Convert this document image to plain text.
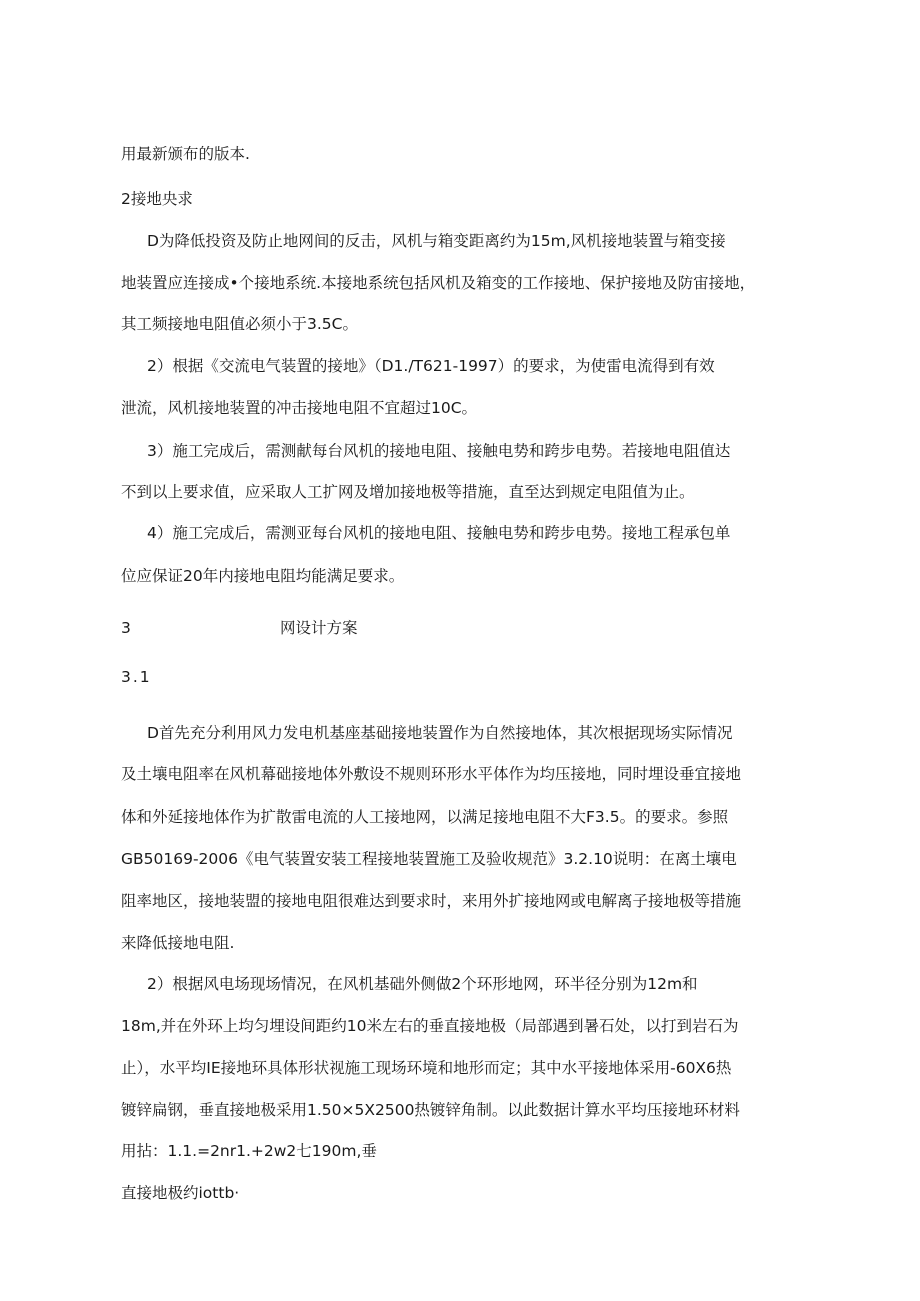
用最新颁布的版本.
2接地央求
D为降低投资及防止地网间的反击，风机与箱变距离约为15m,风机接地装置与箱变接
地装置应连接成•个接地系统.本接地系统包括风机及箱变的工作接地、保护接地及防宙接地，
其工频接地电阻值必须小于3.5C。
2）根据《交流电气装置的接地》（D1./T621-1997）的要求，为使雷电流得到有效
泄流，风机接地装置的冲击接地电阻不宜超过10C。
3）施工完成后，需测献每台风机的接地电阻、接触电势和跨步电势。若接地电阻值达
不到以上要求值，应采取人工扩网及增加接地极等措施，直至达到规定电阻值为止。
4）施工完成后，需测亚每台风机的接地电阻、接触电势和跨步电势。接地工程承包单
位应保证20年内接地电阻均能满足要求。
3	网设计方案
3.1
D首先充分利用风力发电机基座基础接地装置作为自然接地体，其次根据现场实际情况
及土壤电阻率在风机幕础接地体外敷设不规则环形水平体作为均压接地，同时埋设垂宜接地
体和外延接地体作为扩散雷电流的人工接地网，以满足接地电阻不大F3.5。的要求。参照
GB50169-2006《电气装置安装工程接地装置施工及验收规范》3.2.10说明：在离土壤电
阻率地区，接地装盟的接地电阻很难达到要求时，来用外扩接地网或电解离子接地极等措施
来降低接地电阻.
2）根据风电场现场情况，在风机基础外侧做2个环形地网，环半径分别为12m和
18m,并在外环上均匀埋设间距约10米左右的垂直接地极（局部遇到暑石处，以打到岩石为
止），水平均IE接地环具体形状视施工现场环境和地形而定；其中水平接地体采用-60X6热
镀锌扁钢，垂直接地极采用1.50×5X2500热镀锌角制。以此数据计算水平均压接地环材料
用拈：1.1.=2nr1.+2w2七190m,垂
直接地极约iottb·
